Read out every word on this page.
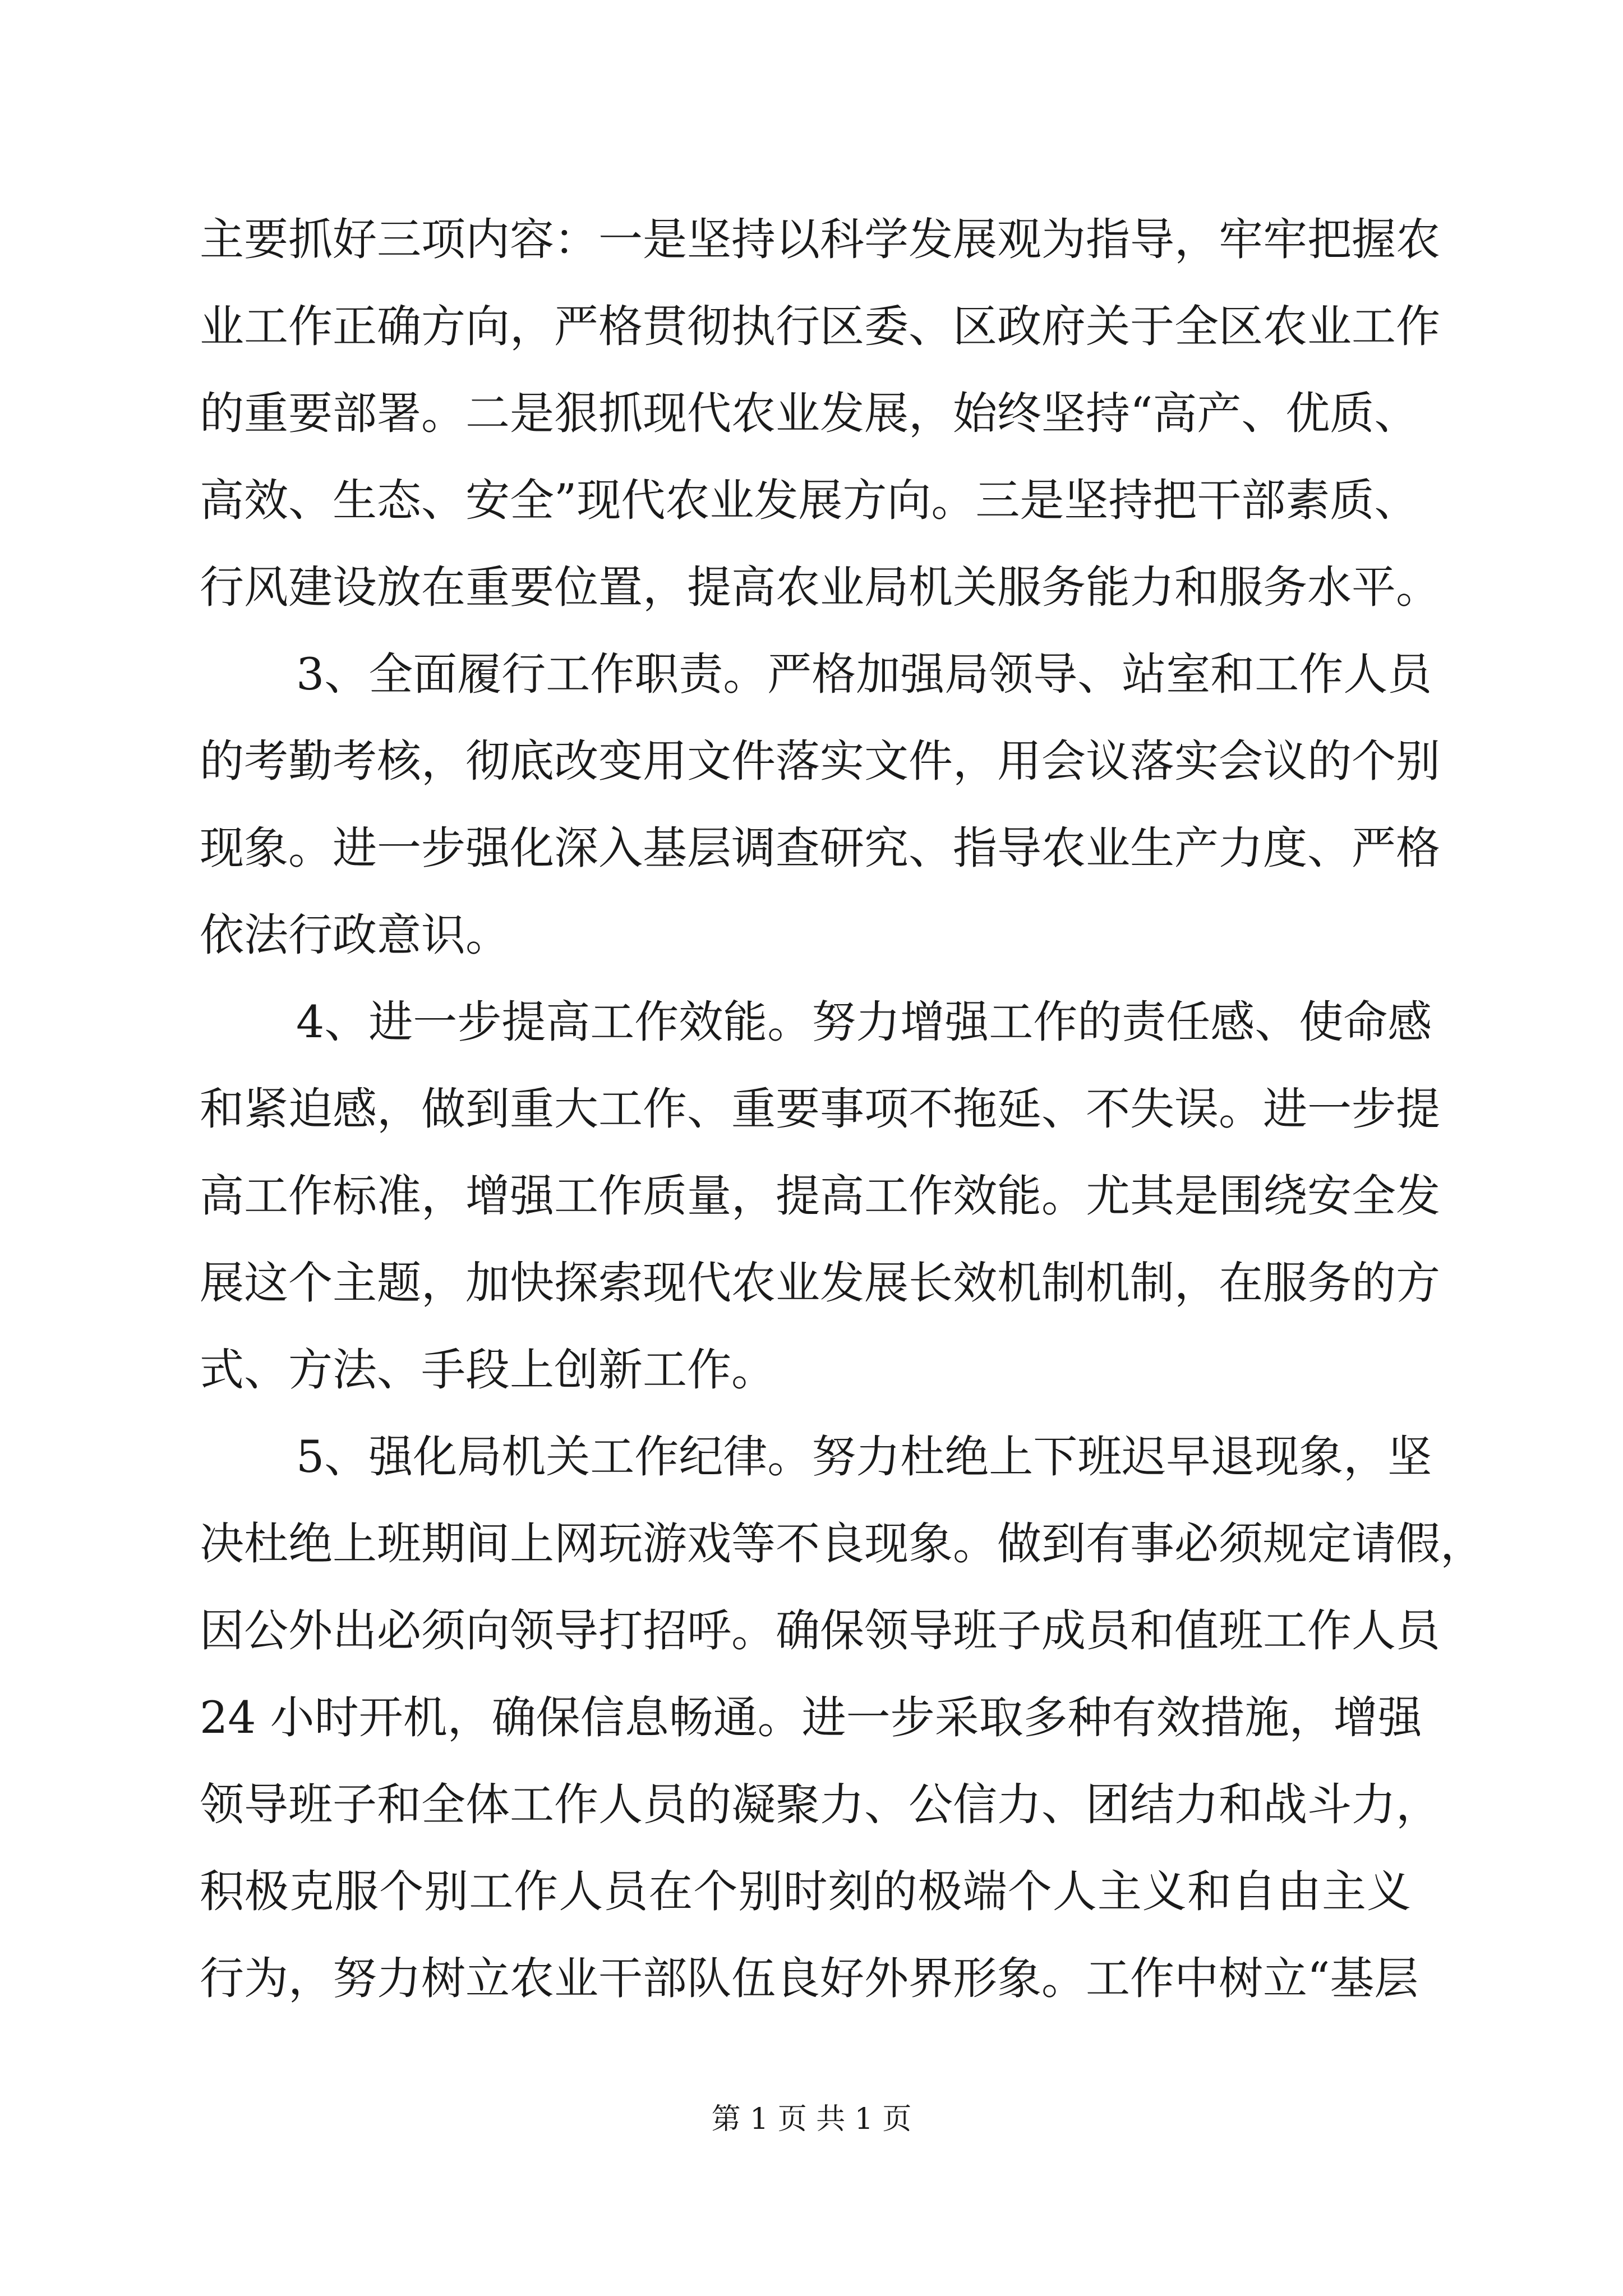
主要抓好三项内容：一是坚持以科学发展观为指导，牢牢把握农
业工作正确方向，严格贯彻执行区委、区政府关于全区农业工作
的重要部署。二是狠抓现代农业发展，始终坚持“高产、优质、
高效、生态、安全”现代农业发展方向。三是坚持把干部素质、
行风建设放在重要位置，提高农业局机关服务能力和服务水平。
3、全面履行工作职责。严格加强局领导、站室和工作人员
的考勤考核，彻底改变用文件落实文件，用会议落实会议的个别
现象。进一步强化深入基层调查研究、指导农业生产力度、严格
依法行政意识。
4、进一步提高工作效能。努力增强工作的责任感、使命感
和紧迫感，做到重大工作、重要事项不拖延、不失误。进一步提
高工作标准，增强工作质量，提高工作效能。尤其是围绕安全发
展这个主题，加快探索现代农业发展长效机制机制，在服务的方
式、方法、手段上创新工作。
5、强化局机关工作纪律。努力杜绝上下班迟早退现象，坚
决杜绝上班期间上网玩游戏等不良现象。做到有事必须规定请假，
因公外出必须向领导打招呼。确保领导班子成员和值班工作人员
24 小时开机，确保信息畅通。进一步采取多种有效措施，增强
领导班子和全体工作人员的凝聚力、公信力、团结力和战斗力，
积极克服个别工作人员在个别时刻的极端个人主义和自由主义
行为，努力树立农业干部队伍良好外界形象。工作中树立“基层
第 1 页 共 1 页
